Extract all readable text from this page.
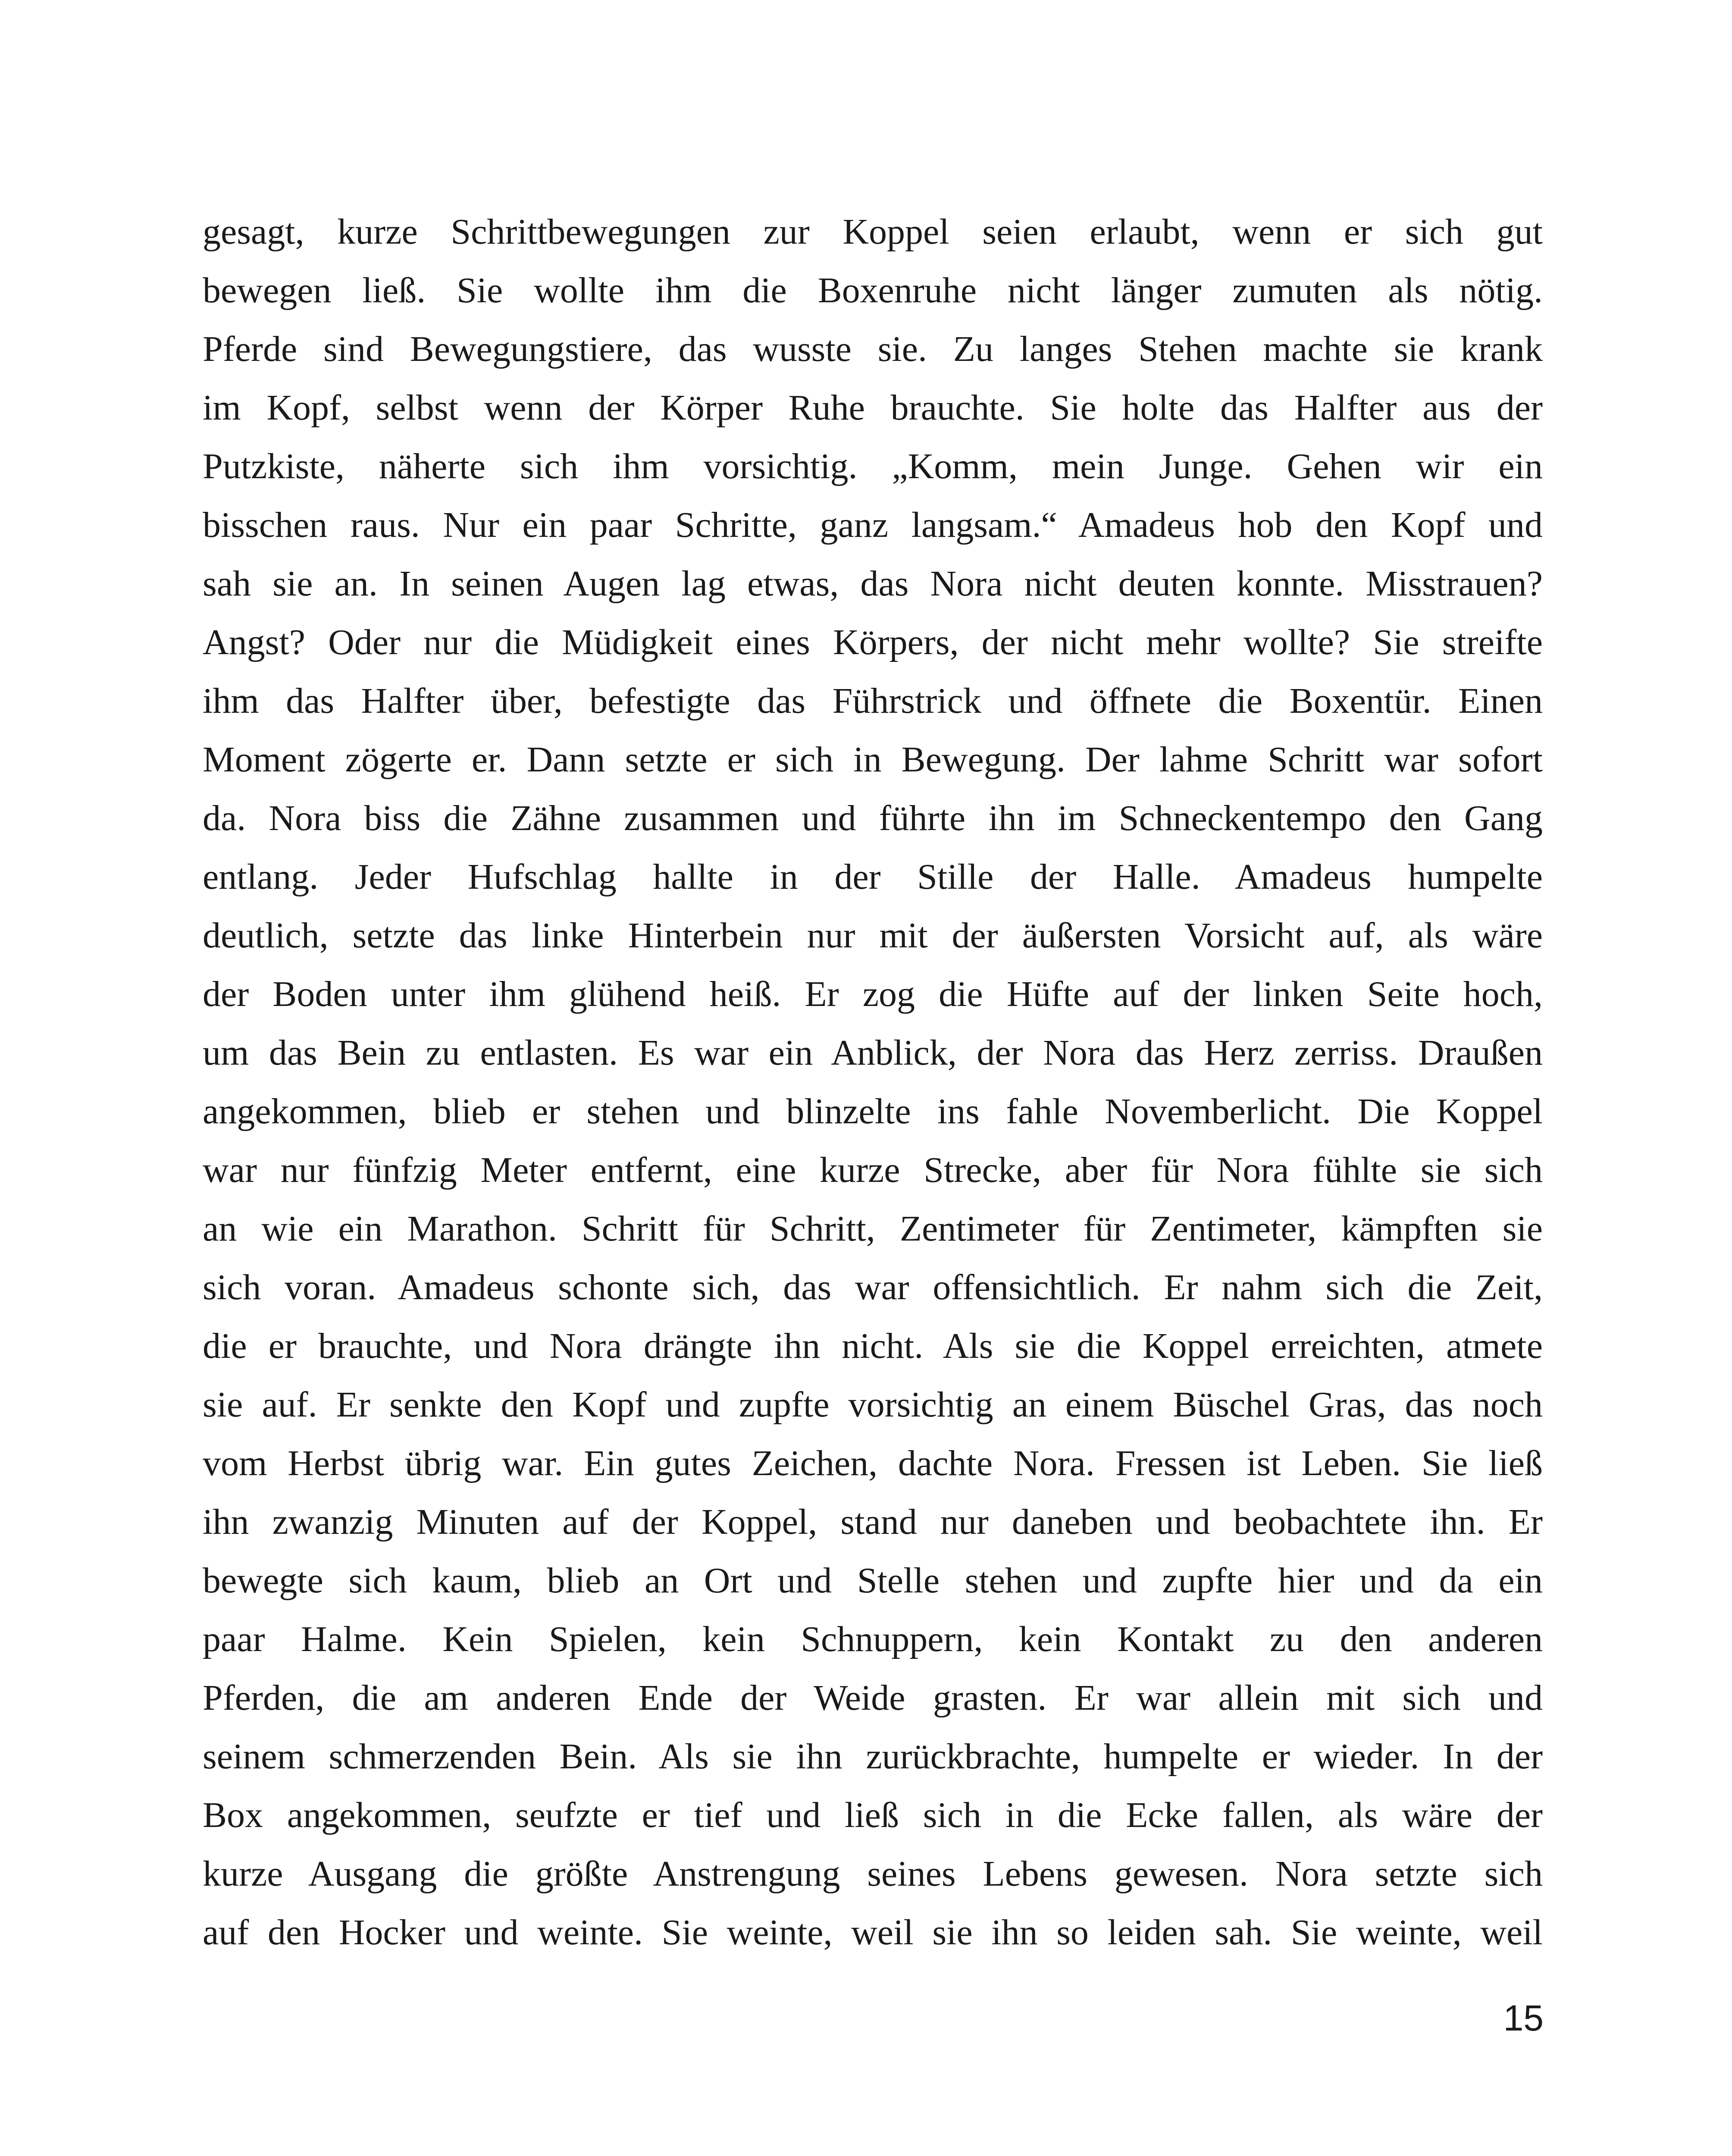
gesagt, kurze Schrittbewegungen zur Koppel seien erlaubt, wenn er sich gut
bewegen ließ. Sie wollte ihm die Boxenruhe nicht länger zumuten als nötig.
Pferde sind Bewegungstiere, das wusste sie. Zu langes Stehen machte sie krank
im Kopf, selbst wenn der Körper Ruhe brauchte. Sie holte das Halfter aus der
Putzkiste, näherte sich ihm vorsichtig. „Komm, mein Junge. Gehen wir ein
bisschen raus. Nur ein paar Schritte, ganz langsam.“ Amadeus hob den Kopf und
sah sie an. In seinen Augen lag etwas, das Nora nicht deuten konnte. Misstrauen?
Angst? Oder nur die Müdigkeit eines Körpers, der nicht mehr wollte? Sie streifte
ihm das Halfter über, befestigte das Führstrick und öffnete die Boxentür. Einen
Moment zögerte er. Dann setzte er sich in Bewegung. Der lahme Schritt war sofort
da. Nora biss die Zähne zusammen und führte ihn im Schneckentempo den Gang
entlang. Jeder Hufschlag hallte in der Stille der Halle. Amadeus humpelte
deutlich, setzte das linke Hinterbein nur mit der äußersten Vorsicht auf, als wäre
der Boden unter ihm glühend heiß. Er zog die Hüfte auf der linken Seite hoch,
um das Bein zu entlasten. Es war ein Anblick, der Nora das Herz zerriss. Draußen
angekommen, blieb er stehen und blinzelte ins fahle Novemberlicht. Die Koppel
war nur fünfzig Meter entfernt, eine kurze Strecke, aber für Nora fühlte sie sich
an wie ein Marathon. Schritt für Schritt, Zentimeter für Zentimeter, kämpften sie
sich voran. Amadeus schonte sich, das war offensichtlich. Er nahm sich die Zeit,
die er brauchte, und Nora drängte ihn nicht. Als sie die Koppel erreichten, atmete
sie auf. Er senkte den Kopf und zupfte vorsichtig an einem Büschel Gras, das noch
vom Herbst übrig war. Ein gutes Zeichen, dachte Nora. Fressen ist Leben. Sie ließ
ihn zwanzig Minuten auf der Koppel, stand nur daneben und beobachtete ihn. Er
bewegte sich kaum, blieb an Ort und Stelle stehen und zupfte hier und da ein
paar Halme. Kein Spielen, kein Schnuppern, kein Kontakt zu den anderen
Pferden, die am anderen Ende der Weide grasten. Er war allein mit sich und
seinem schmerzenden Bein. Als sie ihn zurückbrachte, humpelte er wieder. In der
Box angekommen, seufzte er tief und ließ sich in die Ecke fallen, als wäre der
kurze Ausgang die größte Anstrengung seines Lebens gewesen. Nora setzte sich
auf den Hocker und weinte. Sie weinte, weil sie ihn so leiden sah. Sie weinte, weil
15
